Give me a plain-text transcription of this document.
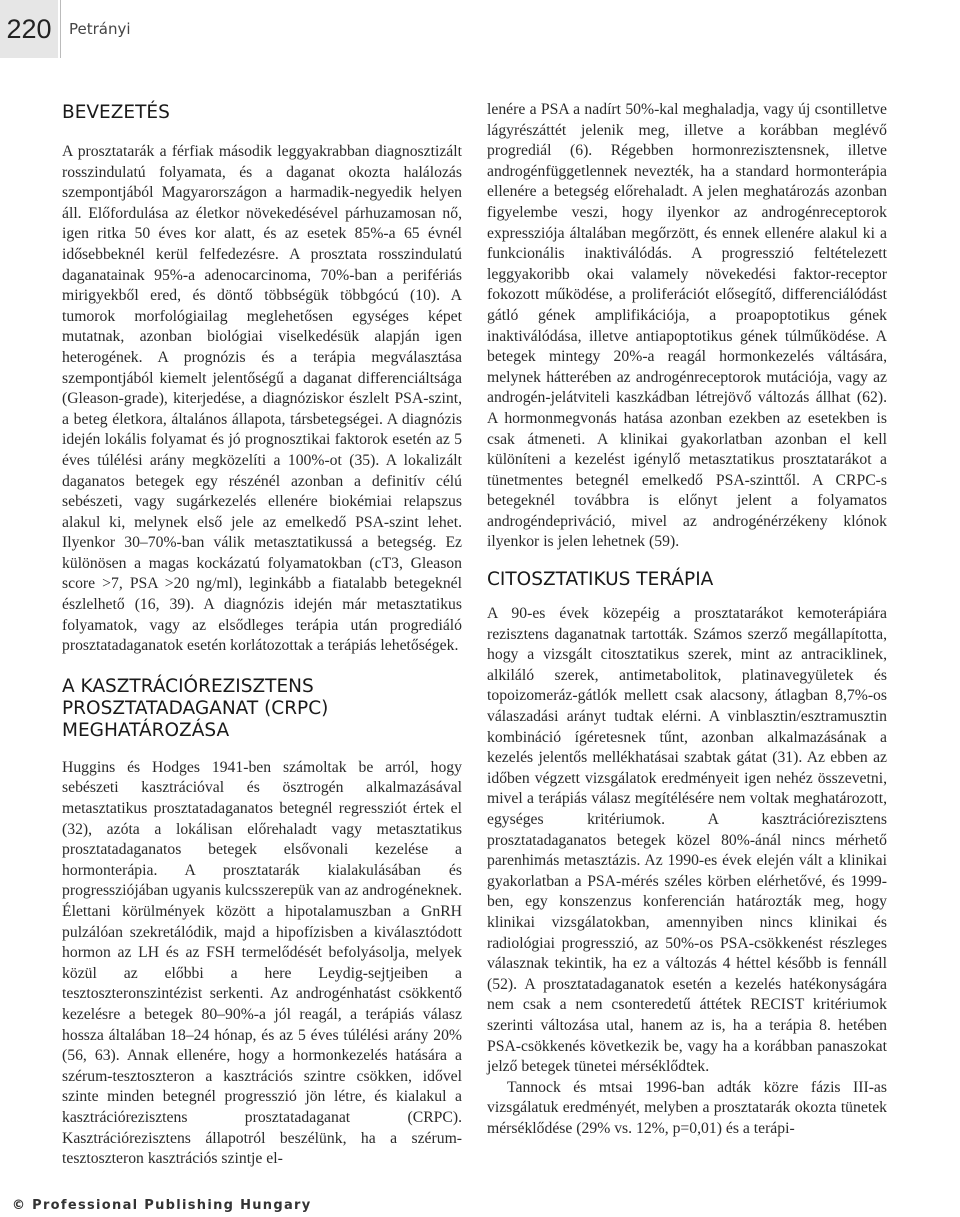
220	Petrányi
BEVEZETÉS

A prosztatarák a férfiak második leggyakrabban diagnosztizált rosszindulatú folyamata, és a daganat okozta halálozás szempontjából Magyarországon a harmadik-negyedik helyen áll. Előfordulása az életkor növekedésével párhuzamosan nő, igen ritka 50 éves kor alatt, és az esetek 85%-a 65 évnél idősebbeknél kerül felfedezésre. A prosztata rosszindulatú daganatainak 95%-a adenocarcinoma, 70%-ban a perifériás mirigyekből ered, és döntő többségük többgócú (10). A tumorok morfológiailag meglehetősen egységes képet mutatnak, azonban biológiai viselkedésük alapján igen heterogének. A prognózis és a terápia megválasztása szempontjából kiemelt jelentőségű a daganat differenciáltsága (Gleason-grade), kiterjedése, a diagnóziskor észlelt PSA-szint, a beteg életkora, általános állapota, társbetegségei. A diagnózis idején lokális folyamat és jó prognosztikai faktorok esetén az 5 éves túlélési arány megközelíti a 100%-ot (35). A lokalizált daganatos betegek egy részénél azonban a definitív célú sebészeti, vagy sugárkezelés ellenére biokémiai relapszus alakul ki, melynek első jele az emelkedő PSA-szint lehet. Ilyenkor 30–70%-ban válik metasztatikussá a betegség. Ez különösen a magas kockázatú folyamatokban (cT3, Gleason score >7, PSA >20 ng/ml), leginkább a fiatalabb betegeknél észlelhető (16, 39). A diagnózis idején már metasztatikus folyamatok, vagy az elsődleges terápia után progrediáló prosztatadaganatok esetén korlátozottak a terápiás lehetőségek.

A KASZTRÁCIÓREZISZTENS
PROSZTATADAGANAT (CRPC) MEGHATÁROZÁSA

Huggins és Hodges 1941-ben számoltak be arról, hogy sebészeti kasztrációval és ösztrogén alkalmazásával metasztatikus prosztatadaganatos betegnél regressziót értek el (32), azóta a lokálisan előrehaladt vagy metasztatikus prosztatadaganatos betegek elsővonali kezelése a hormonterápia. A prosztatarák kialakulásában és progressziójában ugyanis kulcsszerepük van az androgéneknek. Élettani körülmények között a hipotalamuszban a GnRH pulzálóan szekretálódik, majd a hipofízisben a kiválasztódott hormon az LH és az FSH termelődését befolyásolja, melyek közül az előbbi a here Leydig-sejtjeiben a tesztoszteronszintézist serkenti. Az androgénhatást csökkentő kezelésre a betegek 80–90%-a jól reagál, a terápiás válasz hossza általában 18–24 hónap, és az 5 éves túlélési arány 20% (56, 63). Annak ellenére, hogy a hormonkezelés hatására a szérum-tesztoszteron a kasztrációs szintre csökken, idővel szinte minden betegnél progresszió jön létre, és kialakul a kasztrációrezisztens prosztatadaganat (CRPC). Kasztrációrezisztens állapotról beszélünk, ha a szérum-tesztoszteron kasztrációs szintje el-

lenére a PSA a nadírt 50%-kal meghaladja, vagy új csontilletve lágyrészáttét jelenik meg, illetve a korábban meglévő progrediál (6). Régebben hormonrezisztensnek, illetve androgénfüggetlennek nevezték, ha a standard hormonterápia ellenére a betegség előrehaladt. A jelen meghatározás azonban figyelembe veszi, hogy ilyenkor az androgénreceptorok expressziója általában megőrzött, és ennek ellenére alakul ki a funkcionális inaktiválódás. A progresszió feltételezett leggyakoribb okai valamely növekedési faktor-receptor fokozott működése, a proliferációt elősegítő, differenciálódást gátló gének amplifikációja, a proapoptotikus gének inaktiválódása, illetve antiapoptotikus gének túlműködése. A betegek mintegy 20%-a reagál hormonkezelés váltására, melynek hátterében az androgénreceptorok mutációja, vagy az androgén-jelátviteli kaszkádban létrejövő változás állhat (62). A hormonmegvonás hatása azonban ezekben az esetekben is csak átmeneti. A klinikai gyakorlatban azonban el kell különíteni a kezelést igénylő metasztatikus prosztatarákot a tünetmentes betegnél emelkedő PSA-szinttől. A CRPC-s betegeknél továbbra is előnyt jelent a folyamatos androgéndepriváció, mivel az androgénérzékeny klónok ilyenkor is jelen lehetnek (59).

CITOSZTATIKUS TERÁPIA

A 90-es évek közepéig a prosztatarákot kemoterápiára rezisztens daganatnak tartották. Számos szerző megállapította, hogy a vizsgált citosztatikus szerek, mint az antraciklinek, alkiláló szerek, antimetabolitok, platinavegyületek és topoizomeráz-gátlók mellett csak alacsony, átlagban 8,7%-os válaszadási arányt tudtak elérni. A vinblasztin/esztramusztin kombináció ígéretesnek tűnt, azonban alkalmazásának a kezelés jelentős mellékhatásai szabtak gátat (31). Az ebben az időben végzett vizsgálatok eredményeit igen nehéz összevetni, mivel a terápiás válasz megítélésére nem voltak meghatározott, egységes kritériumok. A kasztrációrezisztens prosztatadaganatos betegek közel 80%-ánál nincs mérhető parenhimás metasztázis. Az 1990-es évek elején vált a klinikai gyakorlatban a PSA-mérés széles körben elérhetővé, és 1999-ben, egy konszenzus konferencián határozták meg, hogy klinikai vizsgálatokban, amennyiben nincs klinikai és radiológiai progresszió, az 50%-os PSA-csökkenést részleges válasznak tekintik, ha ez a változás 4 héttel később is fennáll (52). A prosztatadaganatok esetén a kezelés hatékonyságára nem csak a nem csonteredetű áttétek RECIST kritériumok szerinti változása utal, hanem az is, ha a terápia 8. hetében PSA-csökkenés következik be, vagy ha a korábban panaszokat jelző betegek tünetei mérséklődtek.

Tannock és mtsai 1996-ban adták közre fázis III-as vizsgálatuk eredményét, melyben a prosztatarák okozta tünetek mérséklődése (29% vs. 12%, p=0,01) és a terápi-

© Professional Publishing Hungary
